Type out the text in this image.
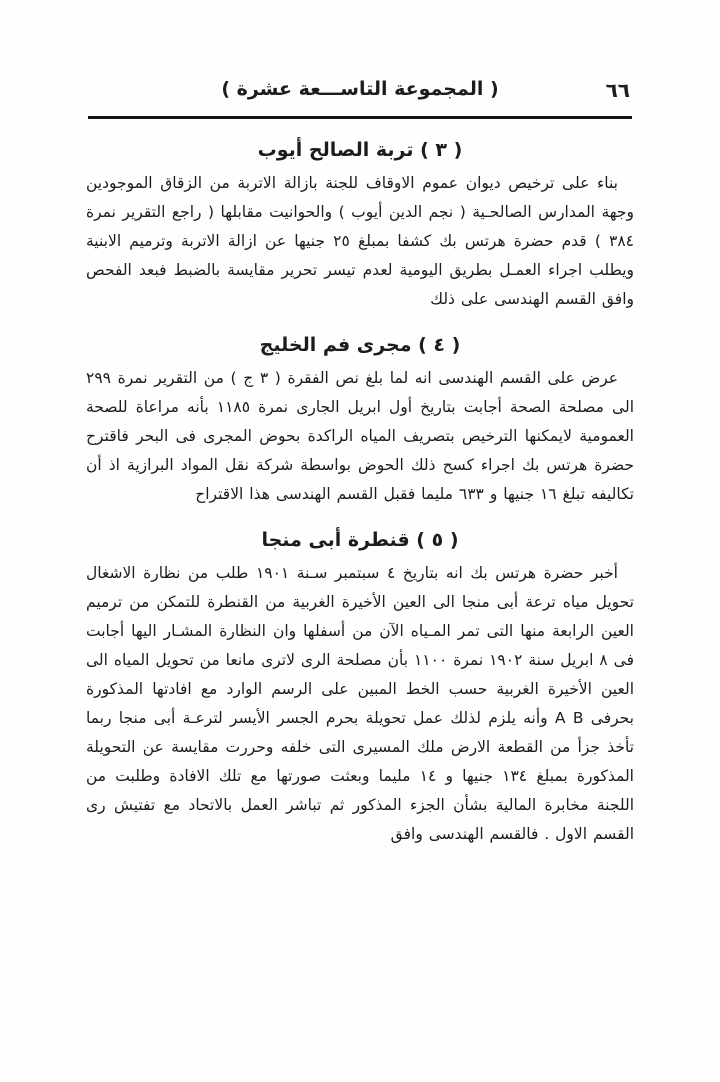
٦٦
( المجموعة التاســـعة عشرة )
( ٣ ) تربة الصالح أيوب

بناء على ترخيص ديوان عموم الاوقاف للجنة بازالة الاتربة من الزقاق الموجودين وجهة المدارس الصالحـية ( نجم الدين أيوب ) والحوانيت مقابلها ( راجع التقرير نمرة ٣٨٤ ) قدم حضرة هرتس بك كشفا بمبلغ ٢٥ جنيها عن ازالة الاتربة وترميم الابنية ويطلب اجراء العمـل بطريق اليومية لعدم تيسر تحرير مقايسة بالضبط فبعد الفحص وافق القسم الهندسى على ذلك

( ٤ ) مجرى فم الخليج

عرض على القسم الهندسى انه لما بلغ نص الفقرة ( ٣ ج ) من التقرير نمرة ٢٩٩ الى مصلحة الصحة أجابت بتاريخ أول ابريل الجارى نمرة ١١٨٥ بأنه مراعاة للصحة العمومية لايمكنها الترخيص بتصريف المياه الراكدة بحوض المجرى فى البحر فاقترح حضرة هرتس بك اجراء كسح ذلك الحوض بواسطة شركة نقل المواد البرازية اذ أن تكاليفه تبلغ ١٦ جنيها و ٦٣٣ مليما فقبل القسم الهندسى هذا الاقتراح

( ٥ ) قنطرة أبى منجا

أخبر حضرة هرتس بك انه بتاريخ ٤ سبتمبر سـنة ١٩٠١ طلب من نظارة الاشغال تحويل مياه ترعة أبى منجا الى العين الأخيرة الغربية من القنطرة للتمكن من ترميم العين الرابعة منها التى تمر المـياه الآن من أسفلها وان النظارة المشـار اليها أجابت فى ٨ ابريل سنة ١٩٠٢ نمرة ١١٠٠ بأن مصلحة الرى لاترى مانعا من تحويل المياه الى العين الأخيرة الغربية حسب الخط المبين على الرسم الوارد مع افادتها المذكورة بحرفى A B وأنه يلزم لذلك عمل تحويلة بحرم الجسر الأيسر لترعـة أبى منجا ربما تأخذ جزأ من القطعة الارض ملك المسيرى التى خلفه وحررت مقايسة عن التحويلة المذكورة بمبلغ ١٣٤ جنيها و ١٤ مليما وبعثت صورتها مع تلك الافادة وطلبت من اللجنة مخابرة المالية بشأن الجزء المذكور ثم تباشر العمل بالاتحاد مع تفتيش رى القسم الاول . فالقسم الهندسى وافق
